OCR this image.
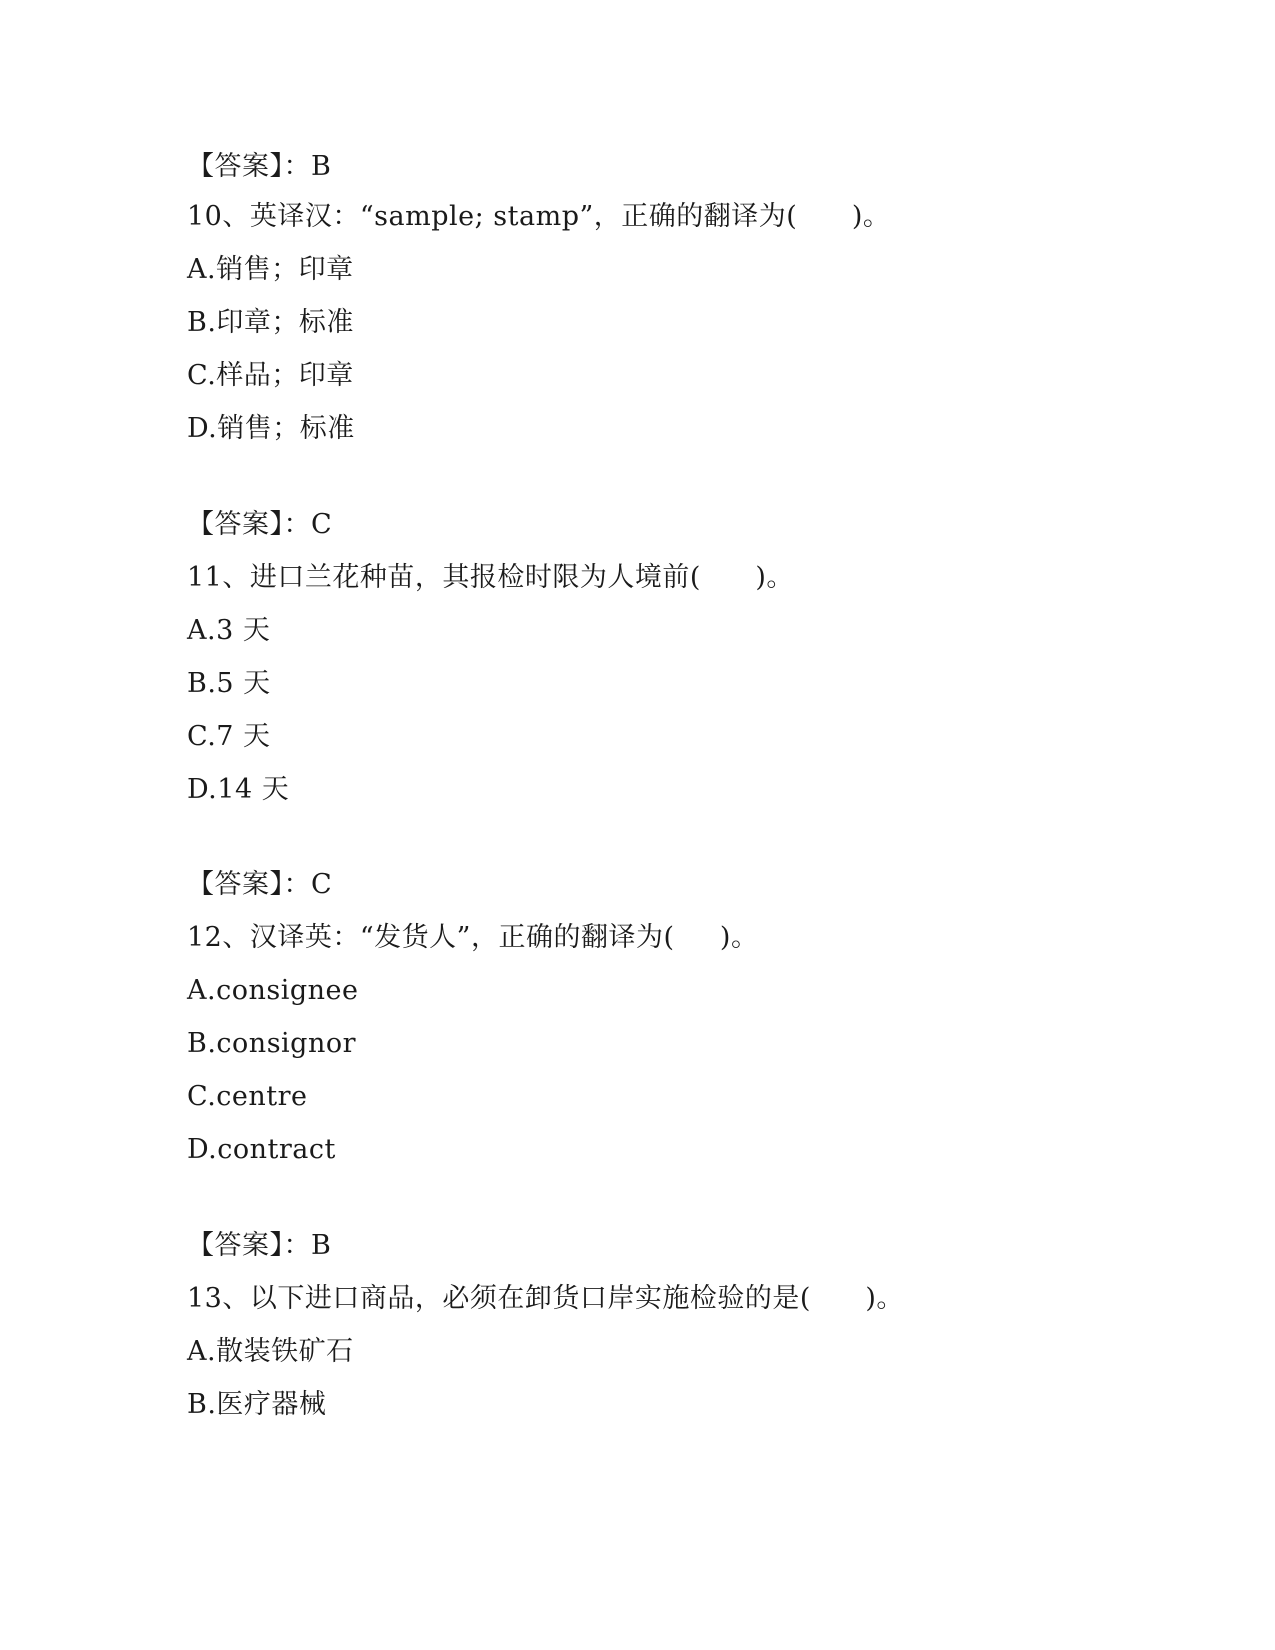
【答案】：B
10、英译汉：“sample; stamp”，正确的翻译为(      )。
A.销售；印章
B.印章；标准
C.样品；印章
D.销售；标准
【答案】：C
11、进口兰花种苗，其报检时限为人境前(      )。
A.3 天
B.5 天
C.7 天
D.14 天
【答案】：C
12、汉译英：“发货人”，正确的翻译为(     )。
A.consignee
B.consignor
C.centre
D.contract
【答案】：B
13、以下进口商品，必须在卸货口岸实施检验的是(      )。
A.散装铁矿石
B.医疗器械
